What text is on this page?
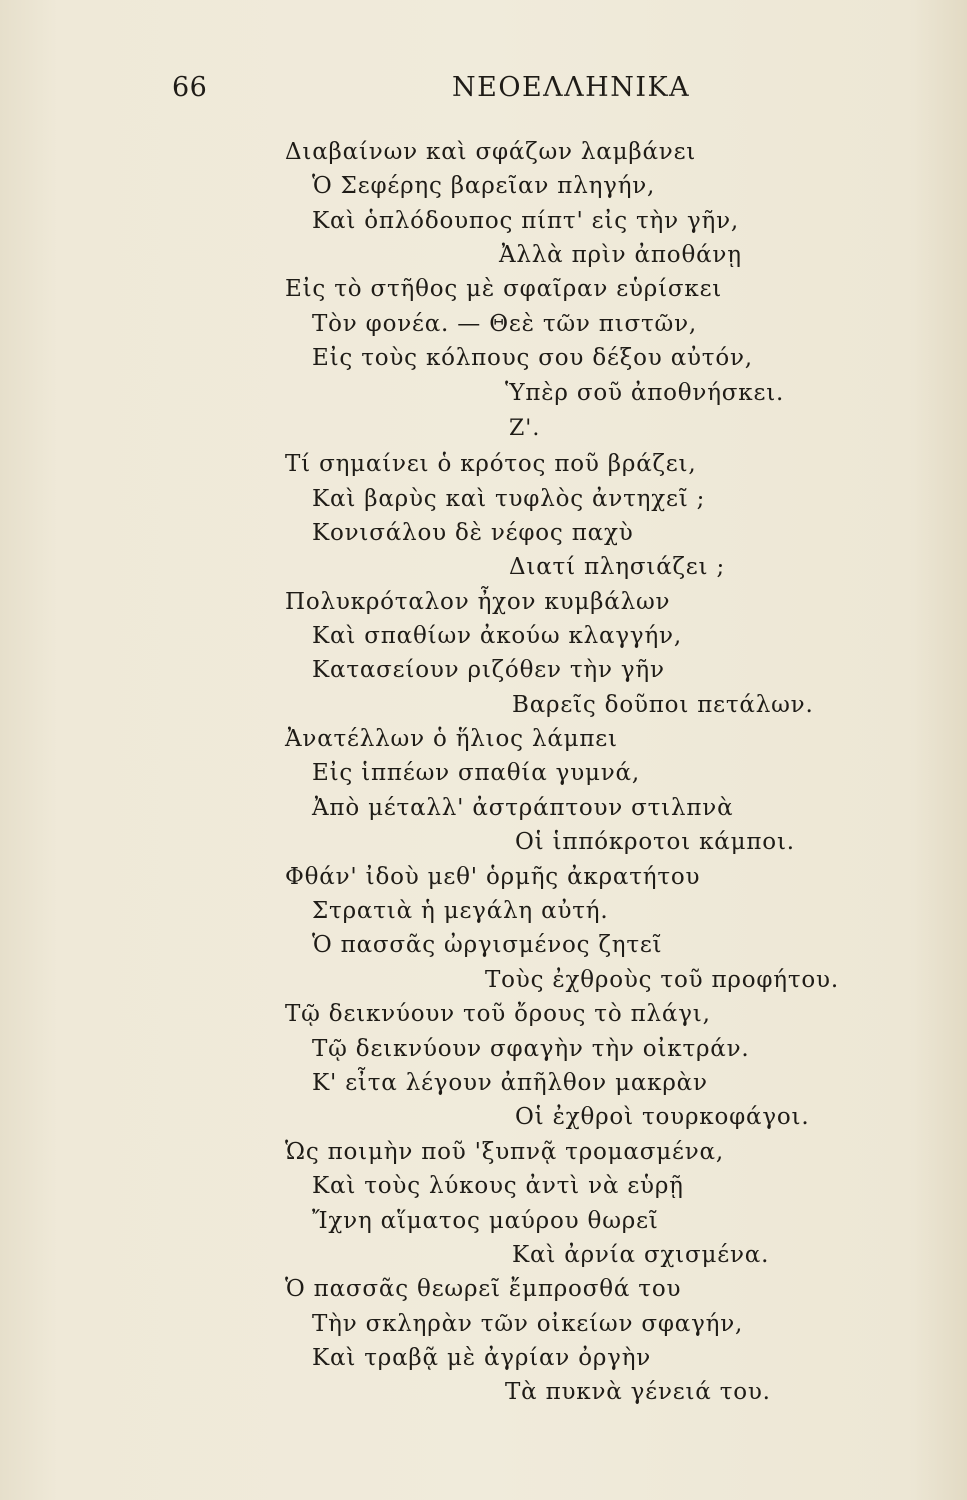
66	ΝΕΟΕΛΛΗΝΙΚΑ
Διαβαίνων καὶ σφάζων λαμβάνει
Ὁ Σεφέρης βαρεῖαν πληγήν,
Καὶ ὁπλόδουπος πίπτ' εἰς τὴν γῆν,
Ἀλλὰ πρὶν ἀποθάνῃ
Εἰς τὸ στῆθος μὲ σφαῖραν εὑρίσκει
Τὸν φονέα. — Θεὲ τῶν πιστῶν,
Εἰς τοὺς κόλπους σου δέξου αὐτόν,
Ὑπὲρ σοῦ ἀποθνήσκει.
Ζ'.
Τί σημαίνει ὁ κρότος ποῦ βράζει,
Καὶ βαρὺς καὶ τυφλὸς ἀντηχεῖ ;
Κονισάλου δὲ νέφος παχὺ
Διατί πλησιάζει ;
Πολυκρόταλον ἦχον κυμβάλων
Καὶ σπαθίων ἀκούω κλαγγήν,
Κατασείουν ριζόθεν τὴν γῆν
Βαρεῖς δοῦποι πετάλων.
Ἀνατέλλων ὁ ἥλιος λάμπει
Εἰς ἱππέων σπαθία γυμνά,
Ἀπὸ μέταλλ' ἀστράπτουν στιλπνὰ
Οἱ ἱππόκροτοι κάμποι.
Φθάν' ἰδοὺ μεθ' ὁρμῆς ἀκρατήτου
Στρατιὰ ἡ μεγάλη αὐτή.
Ὁ πασσᾶς ὠργισμένος ζητεῖ
Τοὺς ἐχθροὺς τοῦ προφήτου.
Τῷ δεικνύουν τοῦ ὄρους τὸ πλάγι,
Τῷ δεικνύουν σφαγὴν τὴν οἰκτράν.
Κ' εἶτα λέγουν ἀπῆλθον μακρὰν
Οἱ ἐχθροὶ τουρκοφάγοι.
Ὡς ποιμὴν ποῦ 'ξυπνᾷ τρομασμένα,
Καὶ τοὺς λύκους ἀντὶ νὰ εὑρῇ
Ἴχνη αἵματος μαύρου θωρεῖ
Καὶ ἀρνία σχισμένα.
Ὁ πασσᾶς θεωρεῖ ἔμπροσθά του
Τὴν σκληρὰν τῶν οἰκείων σφαγήν,
Καὶ τραβᾷ μὲ ἀγρίαν ὀργὴν
Τὰ πυκνὰ γένειά του.
